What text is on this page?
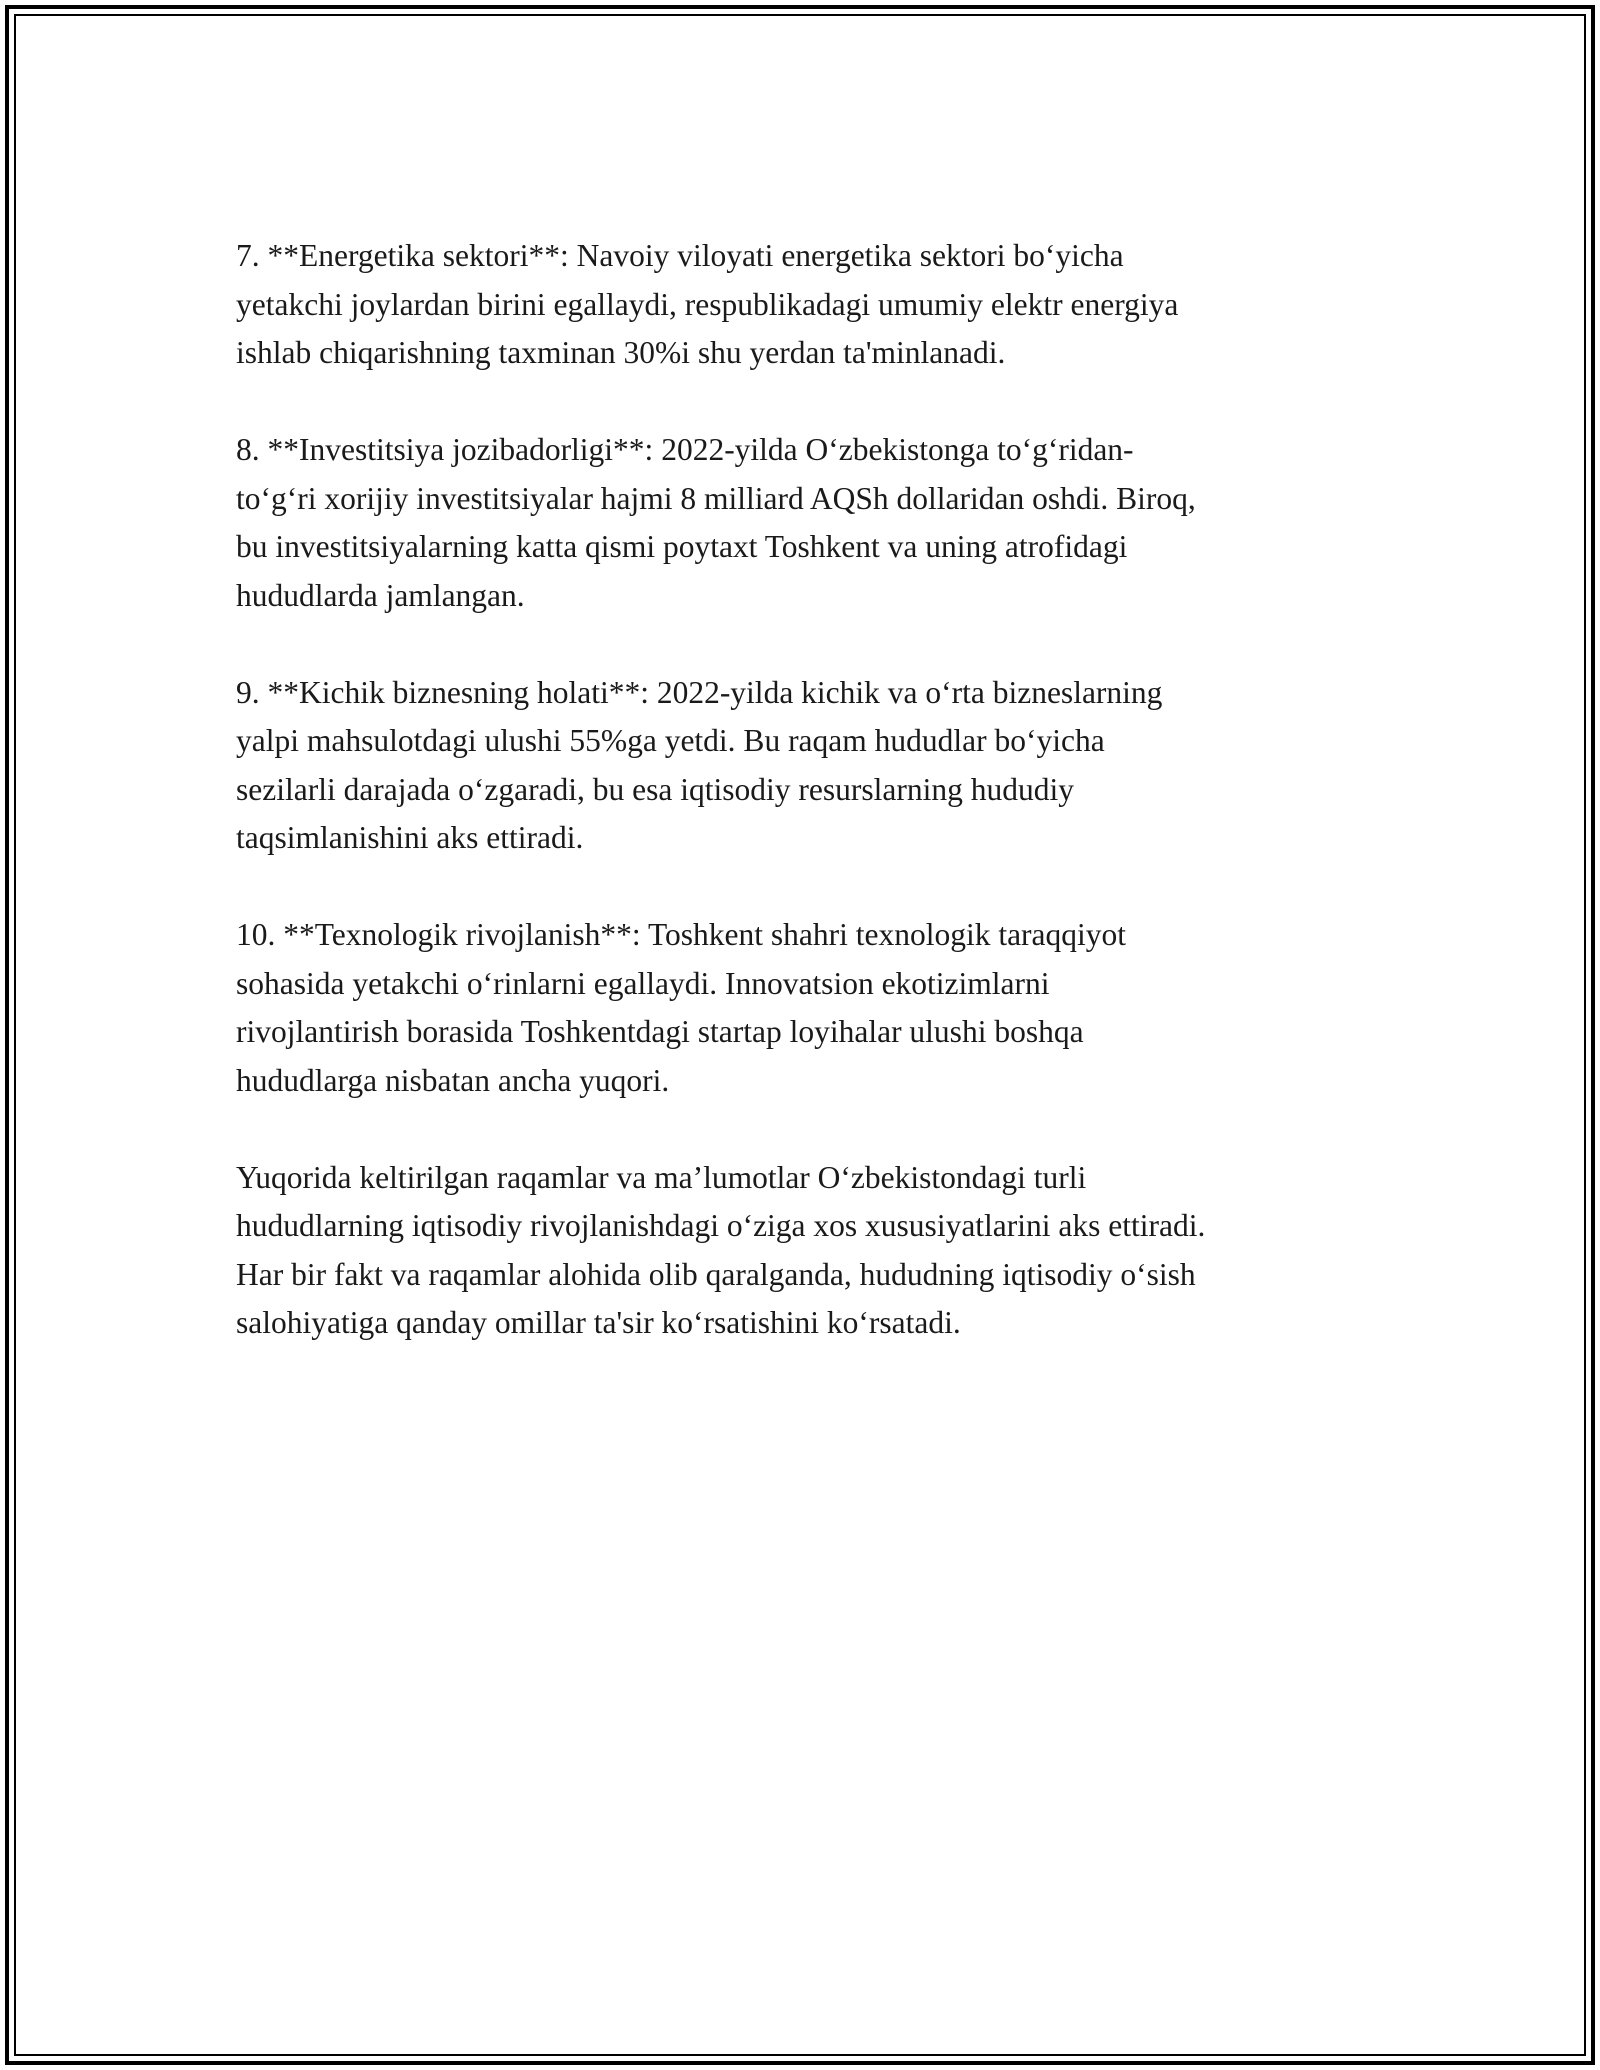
7. **Energetika sektori**: Navoiy viloyati energetika sektori bo‘yicha
yetakchi joylardan birini egallaydi, respublikadagi umumiy elektr energiya
ishlab chiqarishning taxminan 30%i shu yerdan ta'minlanadi.

8. **Investitsiya jozibadorligi**: 2022-yilda O‘zbekistonga to‘g‘ridan-
to‘g‘ri xorijiy investitsiyalar hajmi 8 milliard AQSh dollaridan oshdi. Biroq,
bu investitsiyalarning katta qismi poytaxt Toshkent va uning atrofidagi
hududlarda jamlangan.

9. **Kichik biznesning holati**: 2022-yilda kichik va o‘rta bizneslarning
yalpi mahsulotdagi ulushi 55%ga yetdi. Bu raqam hududlar bo‘yicha
sezilarli darajada o‘zgaradi, bu esa iqtisodiy resurslarning hududiy
taqsimlanishini aks ettiradi.

10. **Texnologik rivojlanish**: Toshkent shahri texnologik taraqqiyot
sohasida yetakchi o‘rinlarni egallaydi. Innovatsion ekotizimlarni
rivojlantirish borasida Toshkentdagi startap loyihalar ulushi boshqa
hududlarga nisbatan ancha yuqori.

Yuqorida keltirilgan raqamlar va ma’lumotlar O‘zbekistondagi turli
hududlarning iqtisodiy rivojlanishdagi o‘ziga xos xususiyatlarini aks ettiradi.
Har bir fakt va raqamlar alohida olib qaralganda, hududning iqtisodiy o‘sish
salohiyatiga qanday omillar ta'sir ko‘rsatishini ko‘rsatadi.
